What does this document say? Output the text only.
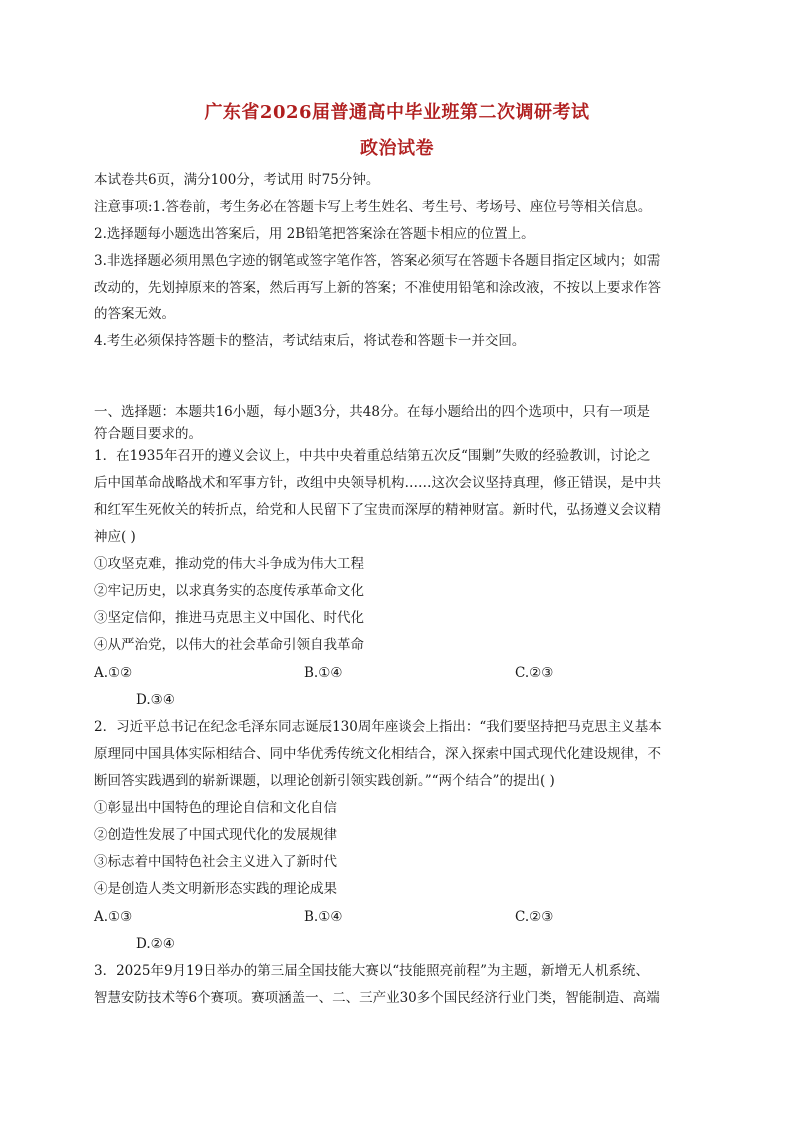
广东省2026届普通高中毕业班第二次调研考试
政治试卷
本试卷共6页，满分100分，考试用 时75分钟。
注意事项:1.答卷前，考生务必在答题卡写上考生姓名、考生号、考场号、座位号等相关信息。
2.选择题每小题选出答案后，用 2B铅笔把答案涂在答题卡相应的位置上。
3.非选择题必须用黑色字迹的钢笔或签字笔作答，答案必须写在答题卡各题目指定区域内；如需
改动的，先划掉原来的答案，然后再写上新的答案；不准使用铅笔和涂改液，不按以上要求作答
的答案无效。
4.考生必须保持答题卡的整洁，考试结束后，将试卷和答题卡一并交回。
一、选择题：本题共16小题，每小题3分，共48分。在每小题给出的四个选项中，只有一项是
符合题目要求的。
1．在1935年召开的遵义会议上，中共中央着重总结第五次反“围剿”失败的经验教训，讨论之
后中国革命战略战术和军事方针，改组中央领导机构……这次会议坚持真理，修正错误，是中共
和红军生死攸关的转折点，给党和人民留下了宝贵而深厚的精神财富。新时代，弘扬遵义会议精
神应( )
①攻坚克难，推动党的伟大斗争成为伟大工程
②牢记历史，以求真务实的态度传承革命文化
③坚定信仰，推进马克思主义中国化、时代化
④从严治党，以伟大的社会革命引领自我革命
A.①②	B.①④	C.②③
D.③④
2．习近平总书记在纪念毛泽东同志诞辰130周年座谈会上指出：“我们要坚持把马克思主义基本
原理同中国具体实际相结合、同中华优秀传统文化相结合，深入探索中国式现代化建设规律，不
断回答实践遇到的崭新课题，以理论创新引领实践创新。”“两个结合”的提出( )
①彰显出中国特色的理论自信和文化自信
②创造性发展了中国式现代化的发展规律
③标志着中国特色社会主义进入了新时代
④是创造人类文明新形态实践的理论成果
A.①③	B.①④	C.②③
D.②④
3．2025年9月19日举办的第三届全国技能大赛以“技能照亮前程”为主题，新增无人机系统、
智慧安防技术等6个赛项。赛项涵盖一、二、三产业30多个国民经济行业门类，智能制造、高端
